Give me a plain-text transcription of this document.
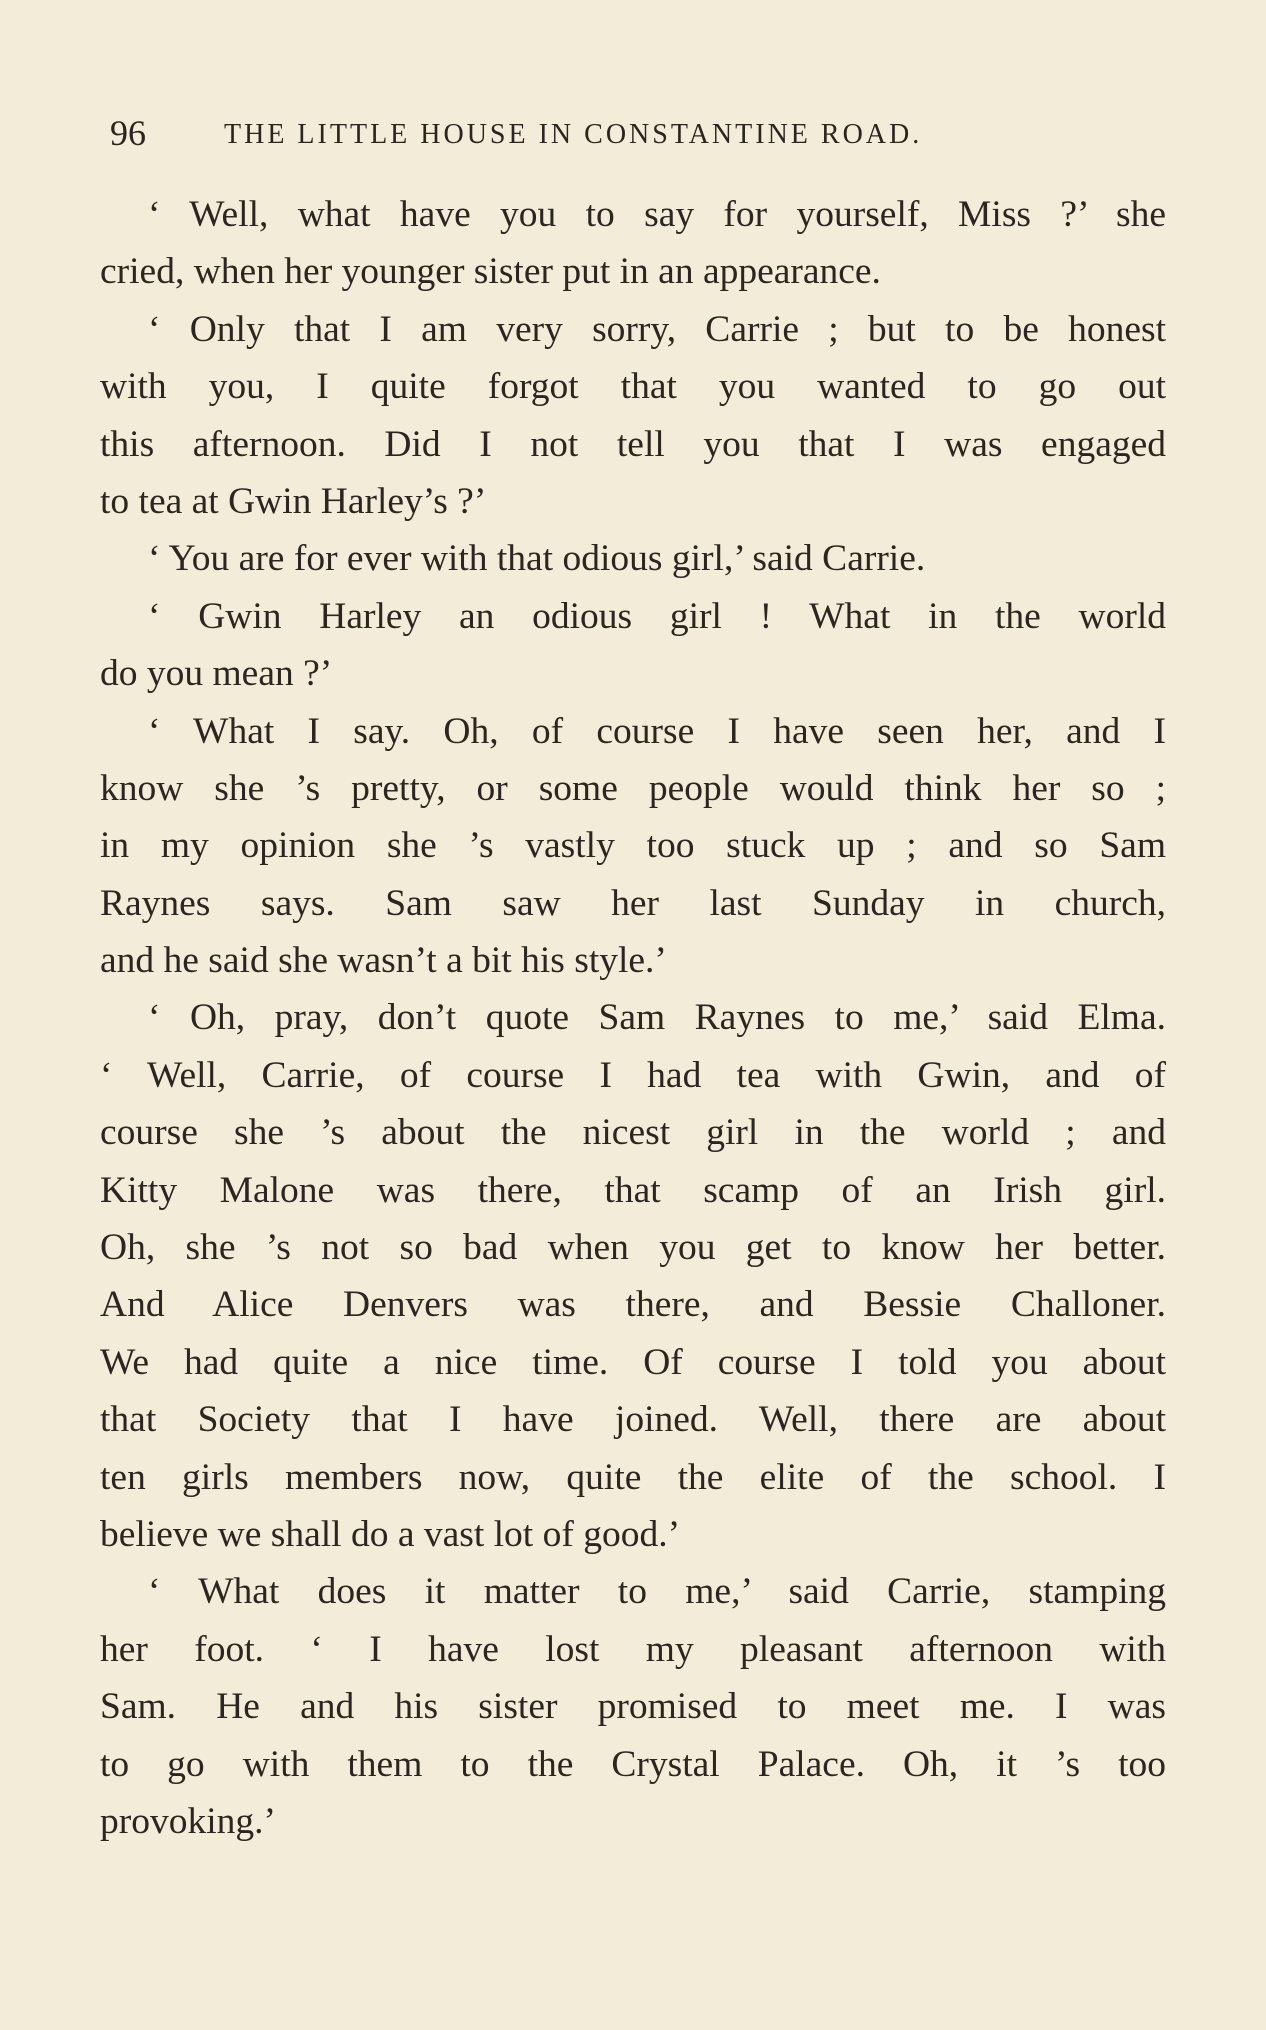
96	THE LITTLE HOUSE IN CONSTANTINE ROAD.
‘ Well, what have you to say for yourself, Miss ?’ she
cried, when her younger sister put in an appearance.
‘ Only that I am very sorry, Carrie ; but to be honest
with you, I quite forgot that you wanted to go out
this afternoon. Did I not tell you that I was engaged
to tea at Gwin Harley’s ?’
‘ You are for ever with that odious girl,’ said Carrie.
‘ Gwin Harley an odious girl ! What in the world
do you mean ?’
‘ What I say. Oh, of course I have seen her, and I
know she ’s pretty, or some people would think her so ;
in my opinion she ’s vastly too stuck up ; and so Sam
Raynes says. Sam saw her last Sunday in church,
and he said she wasn’t a bit his style.’
‘ Oh, pray, don’t quote Sam Raynes to me,’ said Elma.
‘ Well, Carrie, of course I had tea with Gwin, and of
course she ’s about the nicest girl in the world ; and
Kitty Malone was there, that scamp of an Irish girl.
Oh, she ’s not so bad when you get to know her better.
And Alice Denvers was there, and Bessie Challoner.
We had quite a nice time. Of course I told you about
that Society that I have joined. Well, there are about
ten girls members now, quite the elite of the school. I
believe we shall do a vast lot of good.’
‘ What does it matter to me,’ said Carrie, stamping
her foot. ‘ I have lost my pleasant afternoon with
Sam. He and his sister promised to meet me. I was
to go with them to the Crystal Palace. Oh, it ’s too
provoking.’
